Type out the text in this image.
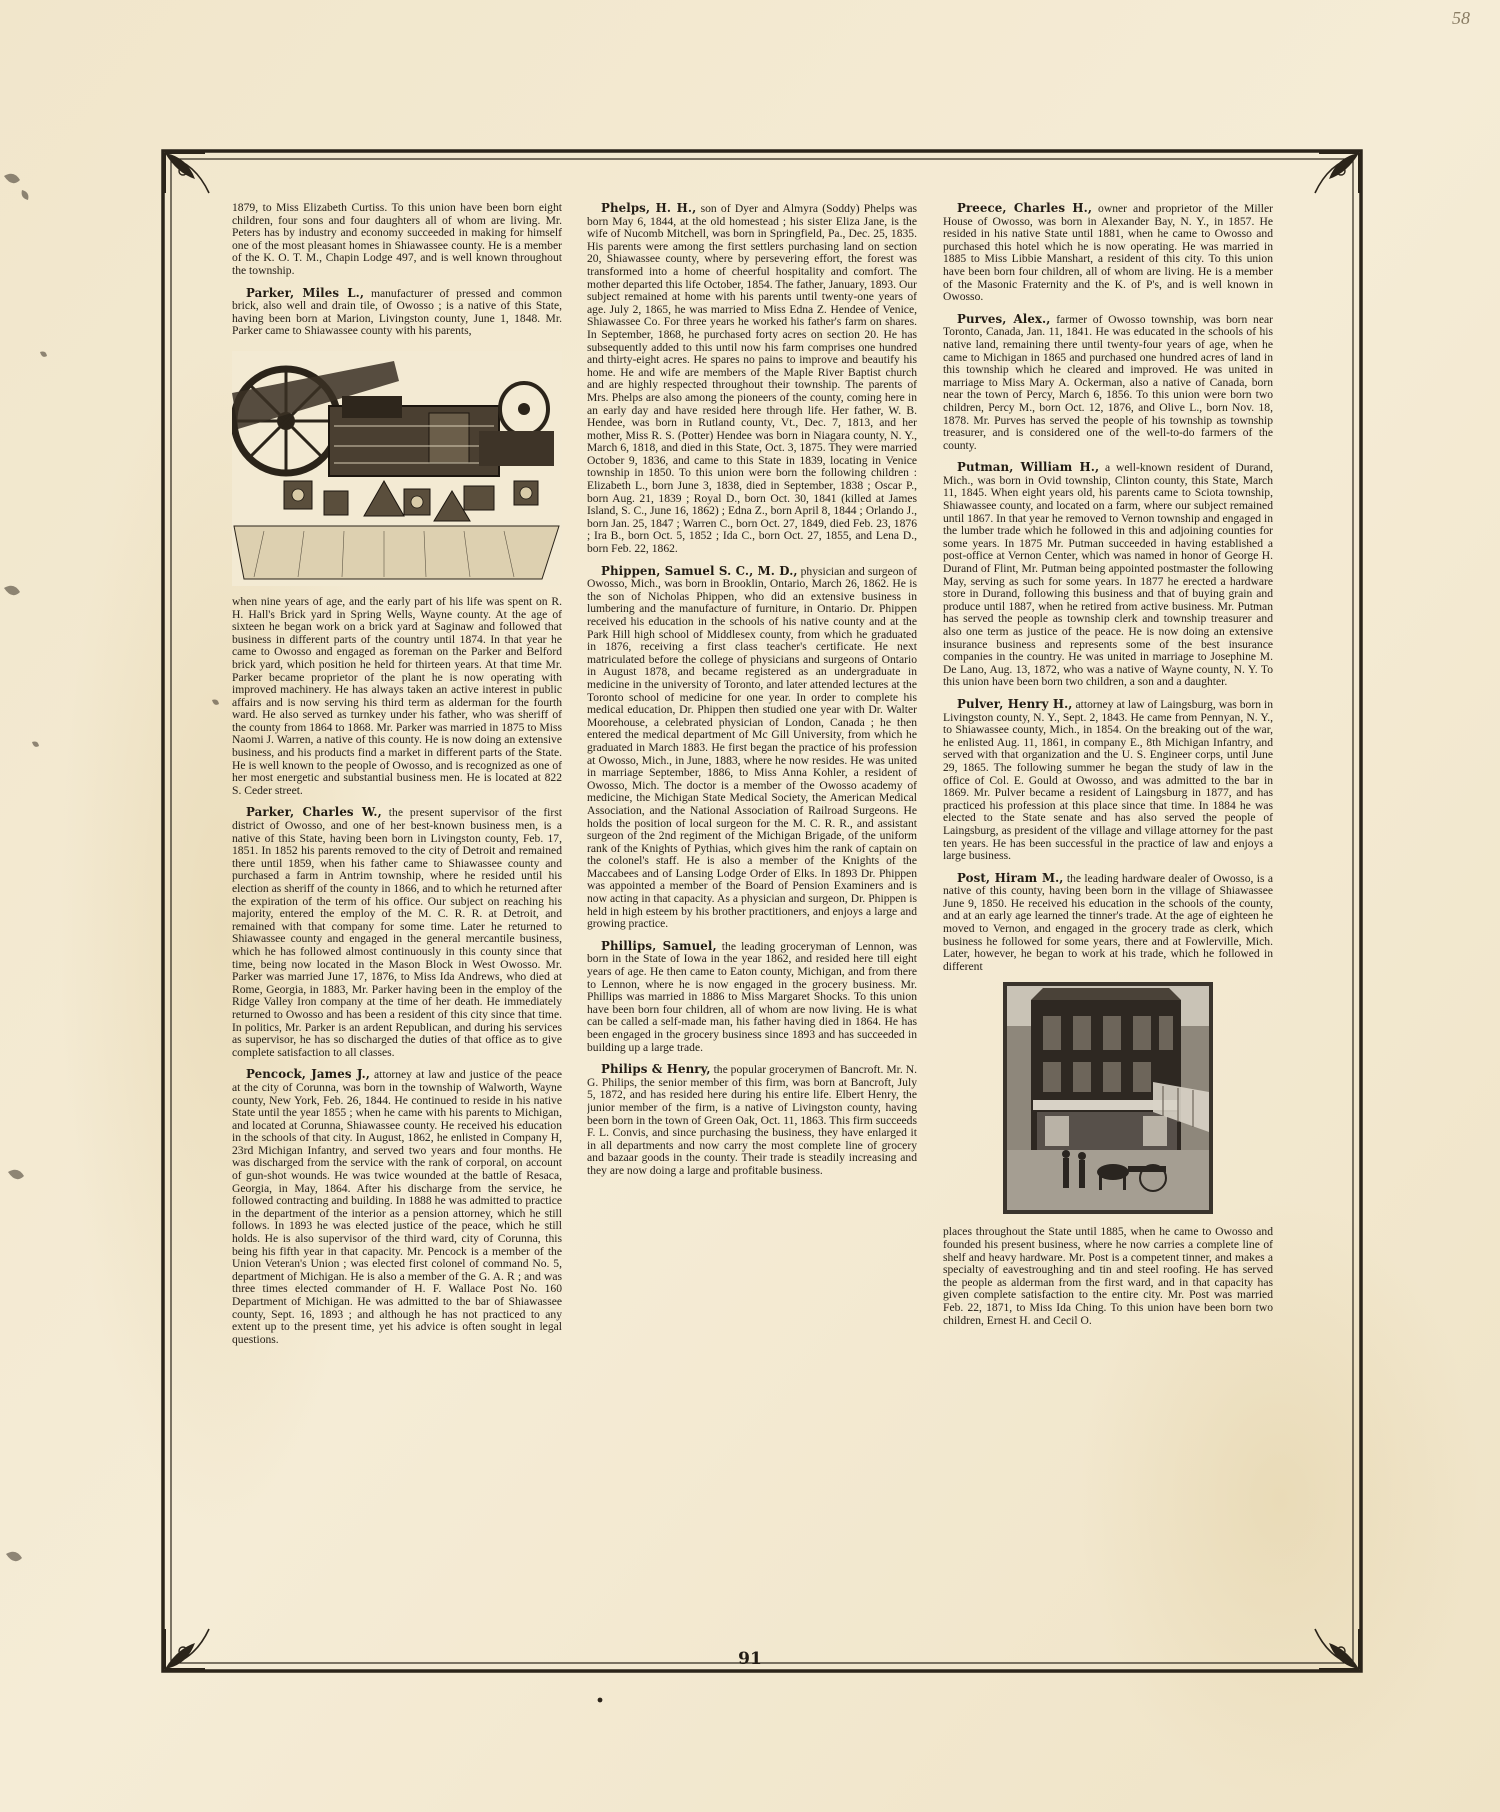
58

1879, to Miss Elizabeth Curtiss. To this union have been born eight children, four sons and four daughters all of whom are living. Mr. Peters has by industry and economy succeeded in making for himself one of the most pleasant homes in Shiawassee county. He is a member of the K. O. T. M., Chapin Lodge 497, and is well known throughout the township.

Parker, Miles L., manufacturer of pressed and common brick, also well and drain tile, of Owosso ; is a native of this State, having been born at Marion, Livingston county, June 1, 1848. Mr. Parker came to Shiawassee county with his parents,

when nine years of age, and the early part of his life was spent on R. H. Hall's Brick yard in Spring Wells, Wayne county. At the age of sixteen he began work on a brick yard at Saginaw and followed that business in different parts of the country until 1874. In that year he came to Owosso and engaged as foreman on the Parker and Belford brick yard, which position he held for thirteen years. At that time Mr. Parker became proprietor of the plant he is now operating with improved machinery. He has always taken an active interest in public affairs and is now serving his third term as alderman for the fourth ward. He also served as turnkey under his father, who was sheriff of the county from 1864 to 1868. Mr. Parker was married in 1875 to Miss Naomi J. Warren, a native of this county. He is now doing an extensive business, and his products find a market in different parts of the State. He is well known to the people of Owosso, and is recognized as one of her most energetic and substantial business men. He is located at 822 S. Ceder street.

Parker, Charles W., the present supervisor of the first district of Owosso, and one of her best-known business men, is a native of this State, having been born in Livingston county, Feb. 17, 1851. In 1852 his parents removed to the city of Detroit and remained there until 1859, when his father came to Shiawassee county and purchased a farm in Antrim township, where he resided until his election as sheriff of the county in 1866, and to which he returned after the expiration of the term of his office. Our subject on reaching his majority, entered the employ of the M. C. R. R. at Detroit, and remained with that company for some time. Later he returned to Shiawassee county and engaged in the general mercantile business, which he has followed almost continuously in this county since that time, being now located in the Mason Block in West Owosso. Mr. Parker was married June 17, 1876, to Miss Ida Andrews, who died at Rome, Georgia, in 1883, Mr. Parker having been in the employ of the Ridge Valley Iron company at the time of her death. He immediately returned to Owosso and has been a resident of this city since that time. In politics, Mr. Parker is an ardent Republican, and during his services as supervisor, he has so discharged the duties of that office as to give complete satisfaction to all classes.

Pencock, James J., attorney at law and justice of the peace at the city of Corunna, was born in the township of Walworth, Wayne county, New York, Feb. 26, 1844. He continued to reside in his native State until the year 1855 ; when he came with his parents to Michigan, and located at Corunna, Shiawassee county. He received his education in the schools of that city. In August, 1862, he enlisted in Company H, 23rd Michigan Infantry, and served two years and four months. He was discharged from the service with the rank of corporal, on account of gun-shot wounds. He was twice wounded at the battle of Resaca, Georgia, in May, 1864. After his discharge from the service, he followed contracting and building. In 1888 he was admitted to practice in the department of the interior as a pension attorney, which he still follows. In 1893 he was elected justice of the peace, which he still holds. He is also supervisor of the third ward, city of Corunna, this being his fifth year in that capacity. Mr. Pencock is a member of the Union Veteran's Union ; was elected first colonel of command No. 5, department of Michigan. He is also a member of the G. A. R ; and was three times elected commander of H. F. Wallace Post No. 160 Department of Michigan. He was admitted to the bar of Shiawassee county, Sept. 16, 1893 ; and although he has not practiced to any extent up to the present time, yet his advice is often sought in legal questions.

Phelps, H. H., son of Dyer and Almyra (Soddy) Phelps was born May 6, 1844, at the old homestead ; his sister Eliza Jane, is the wife of Nucomb Mitchell, was born in Springfield, Pa., Dec. 25, 1835. His parents were among the first settlers purchasing land on section 20, Shiawassee county, where by persevering effort, the forest was transformed into a home of cheerful hospitality and comfort. The mother departed this life October, 1854. The father, January, 1893. Our subject remained at home with his parents until twenty-one years of age. July 2, 1865, he was married to Miss Edna Z. Hendee of Venice, Shiawassee Co. For three years he worked his father's farm on shares. In September, 1868, he purchased forty acres on section 20. He has subsequently added to this until now his farm comprises one hundred and thirty-eight acres. He spares no pains to improve and beautify his home. He and wife are members of the Maple River Baptist church and are highly respected throughout their township. The parents of Mrs. Phelps are also among the pioneers of the county, coming here in an early day and have resided here through life. Her father, W. B. Hendee, was born in Rutland county, Vt., Dec. 7, 1813, and her mother, Miss R. S. (Potter) Hendee was born in Niagara county, N. Y., March 6, 1818, and died in this State, Oct. 3, 1875. They were married October 9, 1836, and came to this State in 1839, locating in Venice township in 1850. To this union were born the following children : Elizabeth L., born June 3, 1838, died in September, 1838 ; Oscar P., born Aug. 21, 1839 ; Royal D., born Oct. 30, 1841 (killed at James Island, S. C., June 16, 1862) ; Edna Z., born April 8, 1844 ; Orlando J., born Jan. 25, 1847 ; Warren C., born Oct. 27, 1849, died Feb. 23, 1876 ; Ira B., born Oct. 5, 1852 ; Ida C., born Oct. 27, 1855, and Lena D., born Feb. 22, 1862.

Phippen, Samuel S. C., M. D., physician and surgeon of Owosso, Mich., was born in Brooklin, Ontario, March 26, 1862. He is the son of Nicholas Phippen, who did an extensive business in lumbering and the manufacture of furniture, in Ontario. Dr. Phippen received his education in the schools of his native county and at the Park Hill high school of Middlesex county, from which he graduated in 1876, receiving a first class teacher's certificate. He next matriculated before the college of physicians and surgeons of Ontario in August 1878, and became registered as an undergraduate in medicine in the university of Toronto, and later attended lectures at the Toronto school of medicine for one year. In order to complete his medical education, Dr. Phippen then studied one year with Dr. Walter Moorehouse, a celebrated physician of London, Canada ; he then entered the medical department of Mc Gill University, from which he graduated in March 1883. He first began the practice of his profession at Owosso, Mich., in June, 1883, where he now resides. He was united in marriage September, 1886, to Miss Anna Kohler, a resident of Owosso, Mich. The doctor is a member of the Owosso academy of medicine, the Michigan State Medical Society, the American Medical Association, and the National Association of Railroad Surgeons. He holds the position of local surgeon for the M. C. R. R., and assistant surgeon of the 2nd regiment of the Michigan Brigade, of the uniform rank of the Knights of Pythias, which gives him the rank of captain on the colonel's staff. He is also a member of the Knights of the Maccabees and of Lansing Lodge Order of Elks. In 1893 Dr. Phippen was appointed a member of the Board of Pension Examiners and is now acting in that capacity. As a physician and surgeon, Dr. Phippen is held in high esteem by his brother practitioners, and enjoys a large and growing practice.

Phillips, Samuel, the leading groceryman of Lennon, was born in the State of Iowa in the year 1862, and resided here till eight years of age. He then came to Eaton county, Michigan, and from there to Lennon, where he is now engaged in the grocery business. Mr. Phillips was married in 1886 to Miss Margaret Shocks. To this union have been born four children, all of whom are now living. He is what can be called a self-made man, his father having died in 1864. He has been engaged in the grocery business since 1893 and has succeeded in building up a large trade.

Philips & Henry, the popular grocerymen of Bancroft. Mr. N. G. Philips, the senior member of this firm, was born at Bancroft, July 5, 1872, and has resided here during his entire life. Elbert Henry, the junior member of the firm, is a native of Livingston county, having been born in the town of Green Oak, Oct. 11, 1863. This firm succeeds F. L. Convis, and since purchasing the business, they have enlarged it in all departments and now carry the most complete line of grocery and bazaar goods in the county. Their trade is steadily increasing and they are now doing a large and profitable business.

Preece, Charles H., owner and proprietor of the Miller House of Owosso, was born in Alexander Bay, N. Y., in 1857. He resided in his native State until 1881, when he came to Owosso and purchased this hotel which he is now operating. He was married in 1885 to Miss Libbie Manshart, a resident of this city. To this union have been born four children, all of whom are living. He is a member of the Masonic Fraternity and the K. of P's, and is well known in Owosso.

Purves, Alex., farmer of Owosso township, was born near Toronto, Canada, Jan. 11, 1841. He was educated in the schools of his native land, remaining there until twenty-four years of age, when he came to Michigan in 1865 and purchased one hundred acres of land in this township which he cleared and improved. He was united in marriage to Miss Mary A. Ockerman, also a native of Canada, born near the town of Percy, March 6, 1856. To this union were born two children, Percy M., born Oct. 12, 1876, and Olive L., born Nov. 18, 1878. Mr. Purves has served the people of his township as township treasurer, and is considered one of the well-to-do farmers of the county.

Putman, William H., a well-known resident of Durand, Mich., was born in Ovid township, Clinton county, this State, March 11, 1845. When eight years old, his parents came to Sciota township, Shiawassee county, and located on a farm, where our subject remained until 1867. In that year he removed to Vernon township and engaged in the lumber trade which he followed in this and adjoining counties for some years. In 1875 Mr. Putman succeeded in having established a post-office at Vernon Center, which was named in honor of George H. Durand of Flint, Mr. Putman being appointed postmaster the following May, serving as such for some years. In 1877 he erected a hardware store in Durand, following this business and that of buying grain and produce until 1887, when he retired from active business. Mr. Putman has served the people as township clerk and township treasurer and also one term as justice of the peace. He is now doing an extensive insurance business and represents some of the best insurance companies in the country. He was united in marriage to Josephine M. De Lano, Aug. 13, 1872, who was a native of Wayne county, N. Y. To this union have been born two children, a son and a daughter.

Pulver, Henry H., attorney at law of Laingsburg, was born in Livingston county, N. Y., Sept. 2, 1843. He came from Pennyan, N. Y., to Shiawassee county, Mich., in 1854. On the breaking out of the war, he enlisted Aug. 11, 1861, in company E., 8th Michigan Infantry, and served with that organization and the U. S. Engineer corps, until June 29, 1865. The following summer he began the study of law in the office of Col. E. Gould at Owosso, and was admitted to the bar in 1869. Mr. Pulver became a resident of Laingsburg in 1877, and has practiced his profession at this place since that time. In 1884 he was elected to the State senate and has also served the people of Laingsburg, as president of the village and village attorney for the past ten years. He has been successful in the practice of law and enjoys a large business.

Post, Hiram M., the leading hardware dealer of Owosso, is a native of this county, having been born in the village of Shiawassee June 9, 1850. He received his education in the schools of the county, and at an early age learned the tinner's trade. At the age of eighteen he moved to Vernon, and engaged in the grocery trade as clerk, which business he followed for some years, there and at Fowlerville, Mich. Later, however, he began to work at his trade, which he followed in different

places throughout the State until 1885, when he came to Owosso and founded his present business, where he now carries a complete line of shelf and heavy hardware. Mr. Post is a competent tinner, and makes a specialty of eavestroughing and tin and steel roofing. He has served the people as alderman from the first ward, and in that capacity has given complete satisfaction to the entire city. Mr. Post was married Feb. 22, 1871, to Miss Ida Ching. To this union have been born two children, Ernest H. and Cecil O.

91
